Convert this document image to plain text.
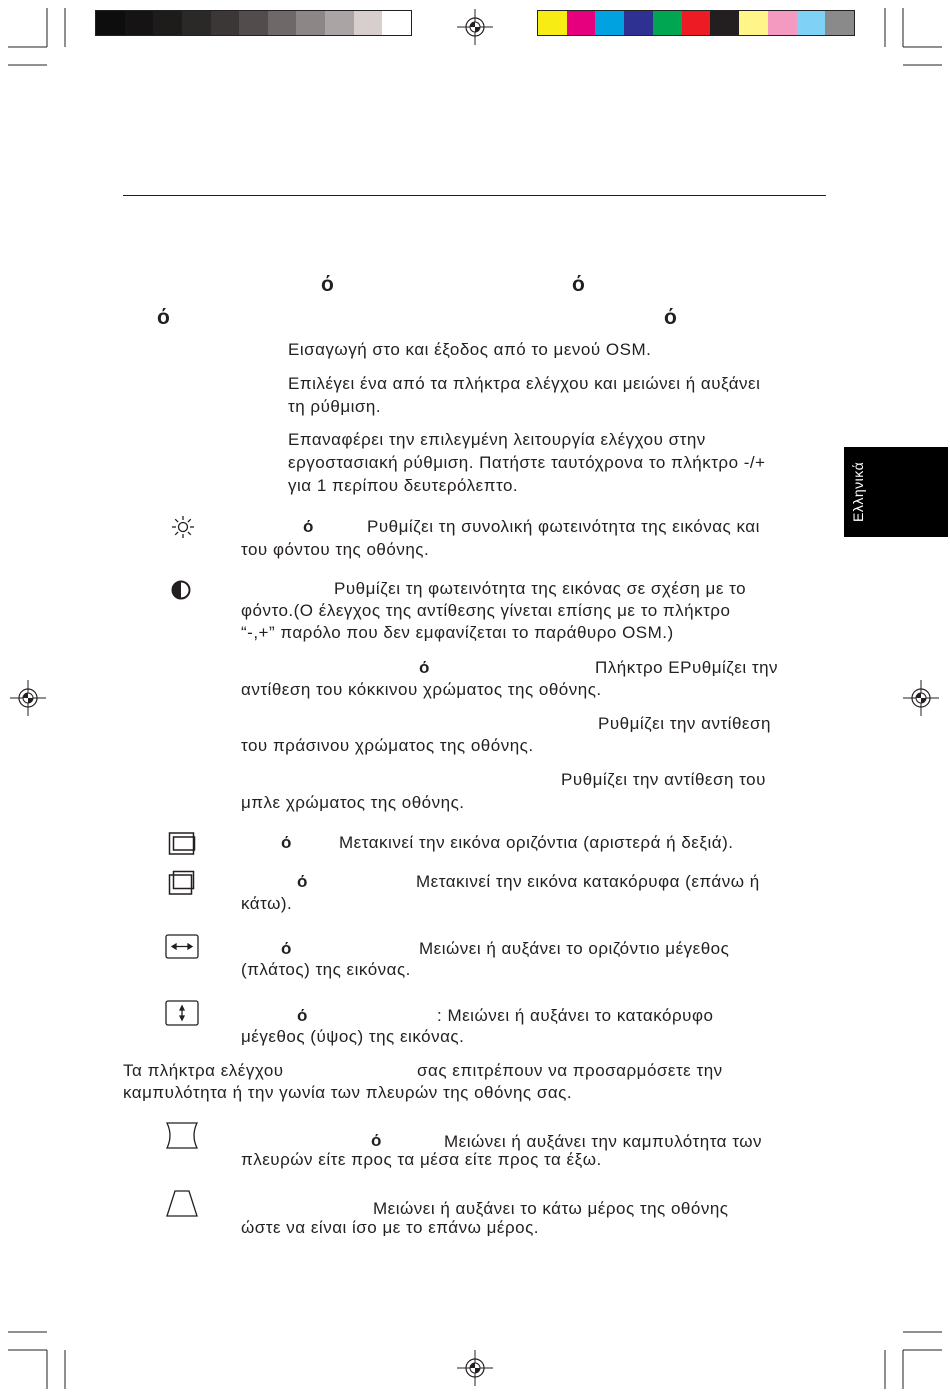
Ελληνικά
ό	ό
ό	ό
Εισαγωγή στο και έξοδος από το μενού OSM.
Επιλέγει ένα από τα πλήκτρα ελέγχου και μειώνει ή αυξάνει
τη ρύθμιση.
Επαναφέρει την επιλεγμένη λειτουργία ελέγχου στην
εργοστασιακή ρύθμιση. Πατήστε ταυτόχρονα το πλήκτρο -/+
για 1 περίπου δευτερόλεπτο.
ό	Ρυθμίζει τη συνολική φωτεινότητα της εικόνας και
του φόντου της οθόνης.
Ρυθμίζει τη φωτεινότητα της εικόνας σε σχέση με το
φόντο.(Ο έλεγχος της αντίθεσης γίνεται επίσης με το πλήκτρο
“-,+” παρόλο που δεν εμφανίζεται το παράθυρο OSM.)
ό	Πλήκτρο ΕΡυθμίζει την
αντίθεση του κόκκινου χρώματος της οθόνης.
Ρυθμίζει την αντίθεση
του πράσινου χρώματος της οθόνης.
Ρυθμίζει την αντίθεση του
μπλε χρώματος της οθόνης.
ό	Μετακινεί την εικόνα οριζόντια (αριστερά ή δεξιά).
ό	Μετακινεί την εικόνα κατακόρυφα (επάνω ή
κάτω).
ό	Μειώνει ή αυξάνει το οριζόντιο μέγεθος
(πλάτος) της εικόνας.
ό	: Μειώνει ή αυξάνει το κατακόρυφο
μέγεθος (ύψος) της εικόνας.
Τα πλήκτρα ελέγχου	σας επιτρέπουν να προσαρμόσετε την
καμπυλότητα ή την γωνία των πλευρών της οθόνης σας.
ό	Μειώνει ή αυξάνει την καμπυλότητα των
πλευρών είτε προς τα μέσα είτε προς τα έξω.
Μειώνει ή αυξάνει το κάτω μέρος της οθόνης
ώστε να είναι ίσο με το επάνω μέρος.
